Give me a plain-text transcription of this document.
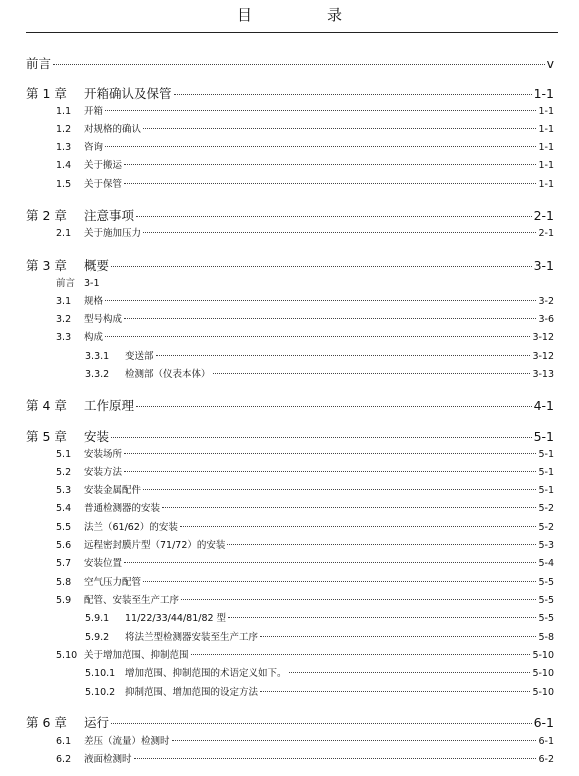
目　录
前言	v
第 1 章	开箱确认及保管	1-1
1.1	开箱	1-1
1.2	对规格的确认	1-1
1.3	咨询	1-1
1.4	关于搬运	1-1
1.5	关于保管	1-1
第 2 章	注意事项	2-1
2.1	关于施加压力	2-1
第 3 章	概要	3-1
前言 3-1
3.1	规格	3-2
3.2	型号构成	3-6
3.3	构成	3-12
3.3.1	变送部	3-12
3.3.2	检测部（仪表本体）	3-13
第 4 章	工作原理	4-1
第 5 章	安装	5-1
5.1	安装场所	5-1
5.2	安装方法	5-1
5.3	安装金属配件	5-1
5.4	普通检测器的安装	5-2
5.5	法兰（61/62）的安装	5-2
5.6	远程密封膜片型（71/72）的安装	5-3
5.7	安装位置	5-4
5.8	空气压力配管	5-5
5.9	配管、安装至生产工序	5-5
5.9.1	11/22/33/44/81/82 型	5-5
5.9.2	将法兰型检测器安装至生产工序	5-8
5.10 关于增加范围、抑制范围	5-10
5.10.1	增加范围、抑制范围的术语定义如下。	5-10
5.10.2	抑制范围、增加范围的设定方法	5-10
第 6 章	运行	6-1
6.1	差压（流量）检测时	6-1
6.2	液面检测时	6-2
